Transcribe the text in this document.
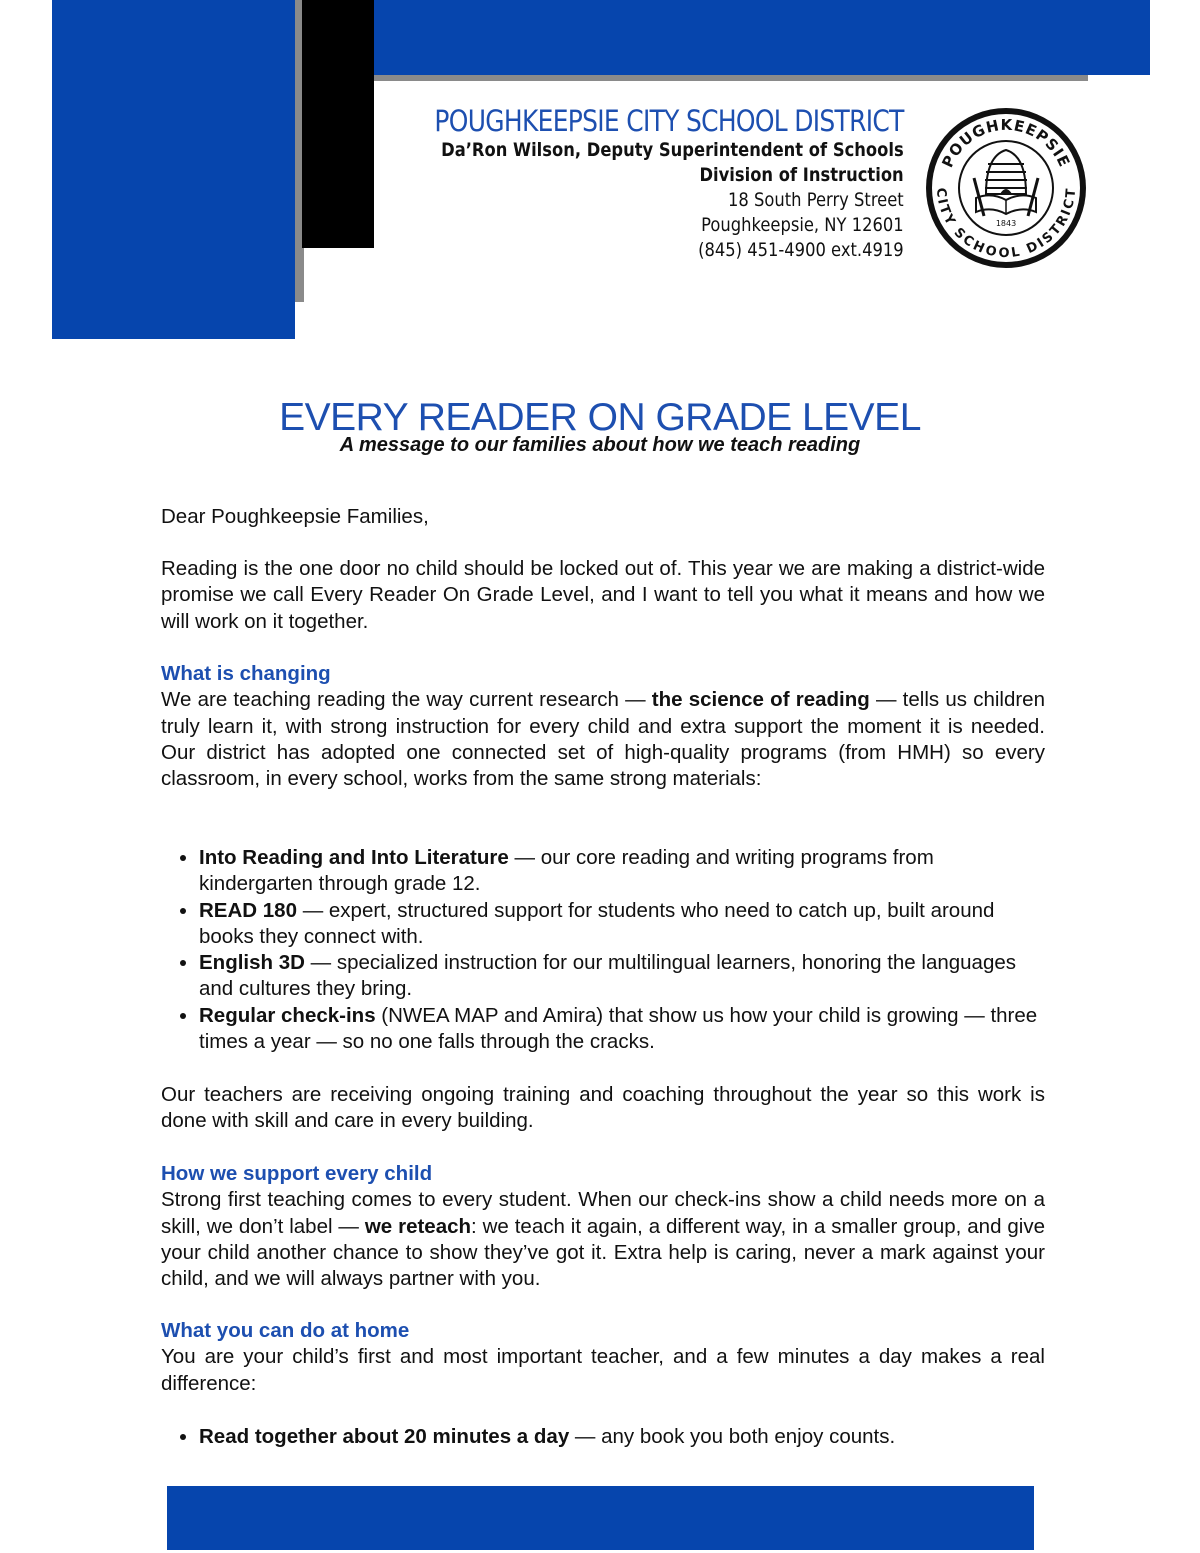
POUGHKEEPSIE CITY SCHOOL DISTRICT
Da’Ron Wilson, Deputy Superintendent of Schools
Division of Instruction
18 South Perry Street
Poughkeepsie, NY 12601
(845) 451-4900 ext.4919
POUGHKEEPSIE
CITY SCHOOL DISTRICT
1843
EVERY READER ON GRADE LEVEL
A message to our families about how we teach reading
Dear Poughkeepsie Families,
Reading is the one door no child should be locked out of. This year we are making a district-wide promise we call Every Reader On Grade Level, and I want to tell you what it means and how we will work on it together.
What is changing

We are teaching reading the way current research — the science of reading — tells us children truly learn it, with strong instruction for every child and extra support the moment it is needed. Our district has adopted one connected set of high-quality programs (from HMH) so every classroom, in every school, works from the same strong materials:

• Into Reading and Into Literature — our core reading and writing programs from kindergarten through grade 12.
• READ 180 — expert, structured support for students who need to catch up, built around books they connect with.
• English 3D — specialized instruction for our multilingual learners, honoring the languages and cultures they bring.
• Regular check-ins (NWEA MAP and Amira) that show us how your child is growing — three times a year — so no one falls through the cracks.
Our teachers are receiving ongoing training and coaching throughout the year so this work is done with skill and care in every building.
How we support every child

Strong first teaching comes to every student. When our check-ins show a child needs more on a skill, we don’t label — we reteach: we teach it again, a different way, in a smaller group, and give your child another chance to show they’ve got it. Extra help is caring, never a mark against your child, and we will always partner with you.

What you can do at home

You are your child’s first and most important teacher, and a few minutes a day makes a real difference:

• Read together about 20 minutes a day — any book you both enjoy counts.
